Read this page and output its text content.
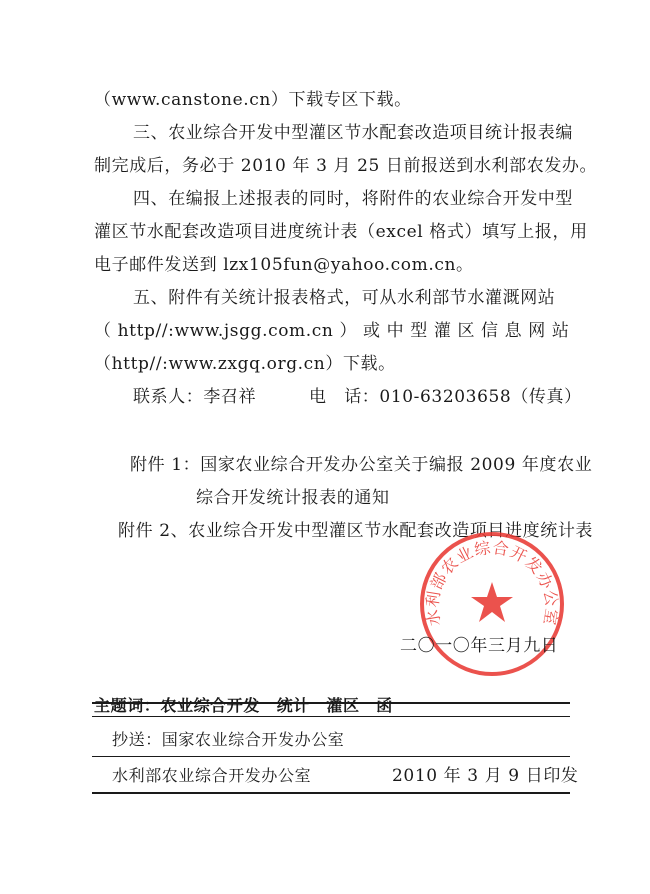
（www.canstone.cn）下载专区下载。
三、农业综合开发中型灌区节水配套改造项目统计报表编
制完成后，务必于 2010 年 3 月 25 日前报送到水利部农发办。
四、在编报上述报表的同时，将附件的农业综合开发中型
灌区节水配套改造项目进度统计表（excel 格式）填写上报，用
电子邮件发送到 lzx105fun@yahoo.com.cn。
五、附件有关统计报表格式，可从水利部节水灌溉网站
（ http//:www.jsgg.com.cn ） 或 中 型 灌 区 信 息 网 站
（http//:www.zxgq.org.cn）下载。
联系人：李召祥　　　电　话：010-63203658（传真）
附件 1：国家农业综合开发办公室关于编报 2009 年度农业
综合开发统计报表的通知
附件 2、农业综合开发中型灌区节水配套改造项目进度统计表
水利部农业综合开发办公室
二〇一〇年三月九日
主题词：农业综合开发　统计　灌区　函
抄送：国家农业综合开发办公室
水利部农业综合开发办公室	2010 年 3 月 9 日印发
